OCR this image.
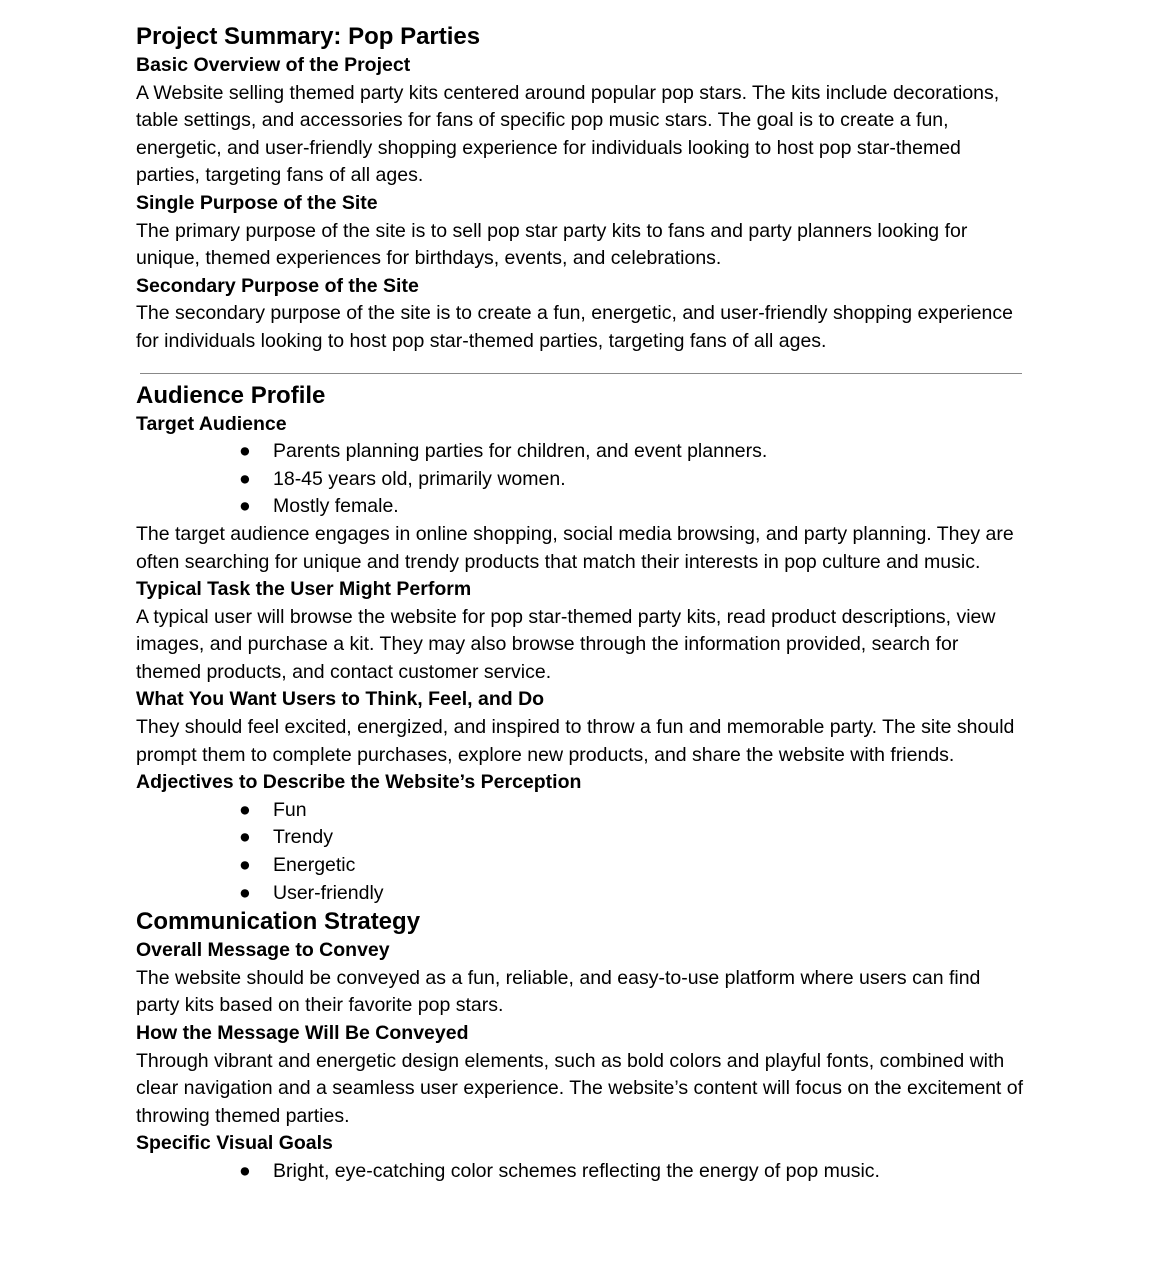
Project Summary: Pop Parties
Basic Overview of the Project

A Website selling themed party kits centered around popular pop stars. The kits include decorations, table settings, and accessories for fans of specific pop music stars. The goal is to create a fun, energetic, and user-friendly shopping experience for individuals looking to host pop star-themed parties, targeting fans of all ages.

Single Purpose of the Site

The primary purpose of the site is to sell pop star party kits to fans and party planners looking for unique, themed experiences for birthdays, events, and celebrations.

Secondary Purpose of the Site

The secondary purpose of the site is to create a fun, energetic, and user-friendly shopping experience for individuals looking to host pop star-themed parties, targeting fans of all ages.

Audience Profile
Target Audience
● Parents planning parties for children, and event planners.
● 18-45 years old, primarily women.
● Mostly female.

The target audience engages in online shopping, social media browsing, and party planning. They are often searching for unique and trendy products that match their interests in pop culture and music.

Typical Task the User Might Perform

A typical user will browse the website for pop star-themed party kits, read product descriptions, view images, and purchase a kit. They may also browse through the information provided, search for themed products, and contact customer service.

What You Want Users to Think, Feel, and Do

They should feel excited, energized, and inspired to throw a fun and memorable party. The site should prompt them to complete purchases, explore new products, and share the website with friends.

Adjectives to Describe the Website’s Perception
● Fun
● Trendy
● Energetic
● User-friendly
Communication Strategy
Overall Message to Convey

The website should be conveyed as a fun, reliable, and easy-to-use platform where users can find party kits based on their favorite pop stars.

How the Message Will Be Conveyed

Through vibrant and energetic design elements, such as bold colors and playful fonts, combined with clear navigation and a seamless user experience. The website’s content will focus on the excitement of throwing themed parties.

Specific Visual Goals
● Bright, eye-catching color schemes reflecting the energy of pop music.
